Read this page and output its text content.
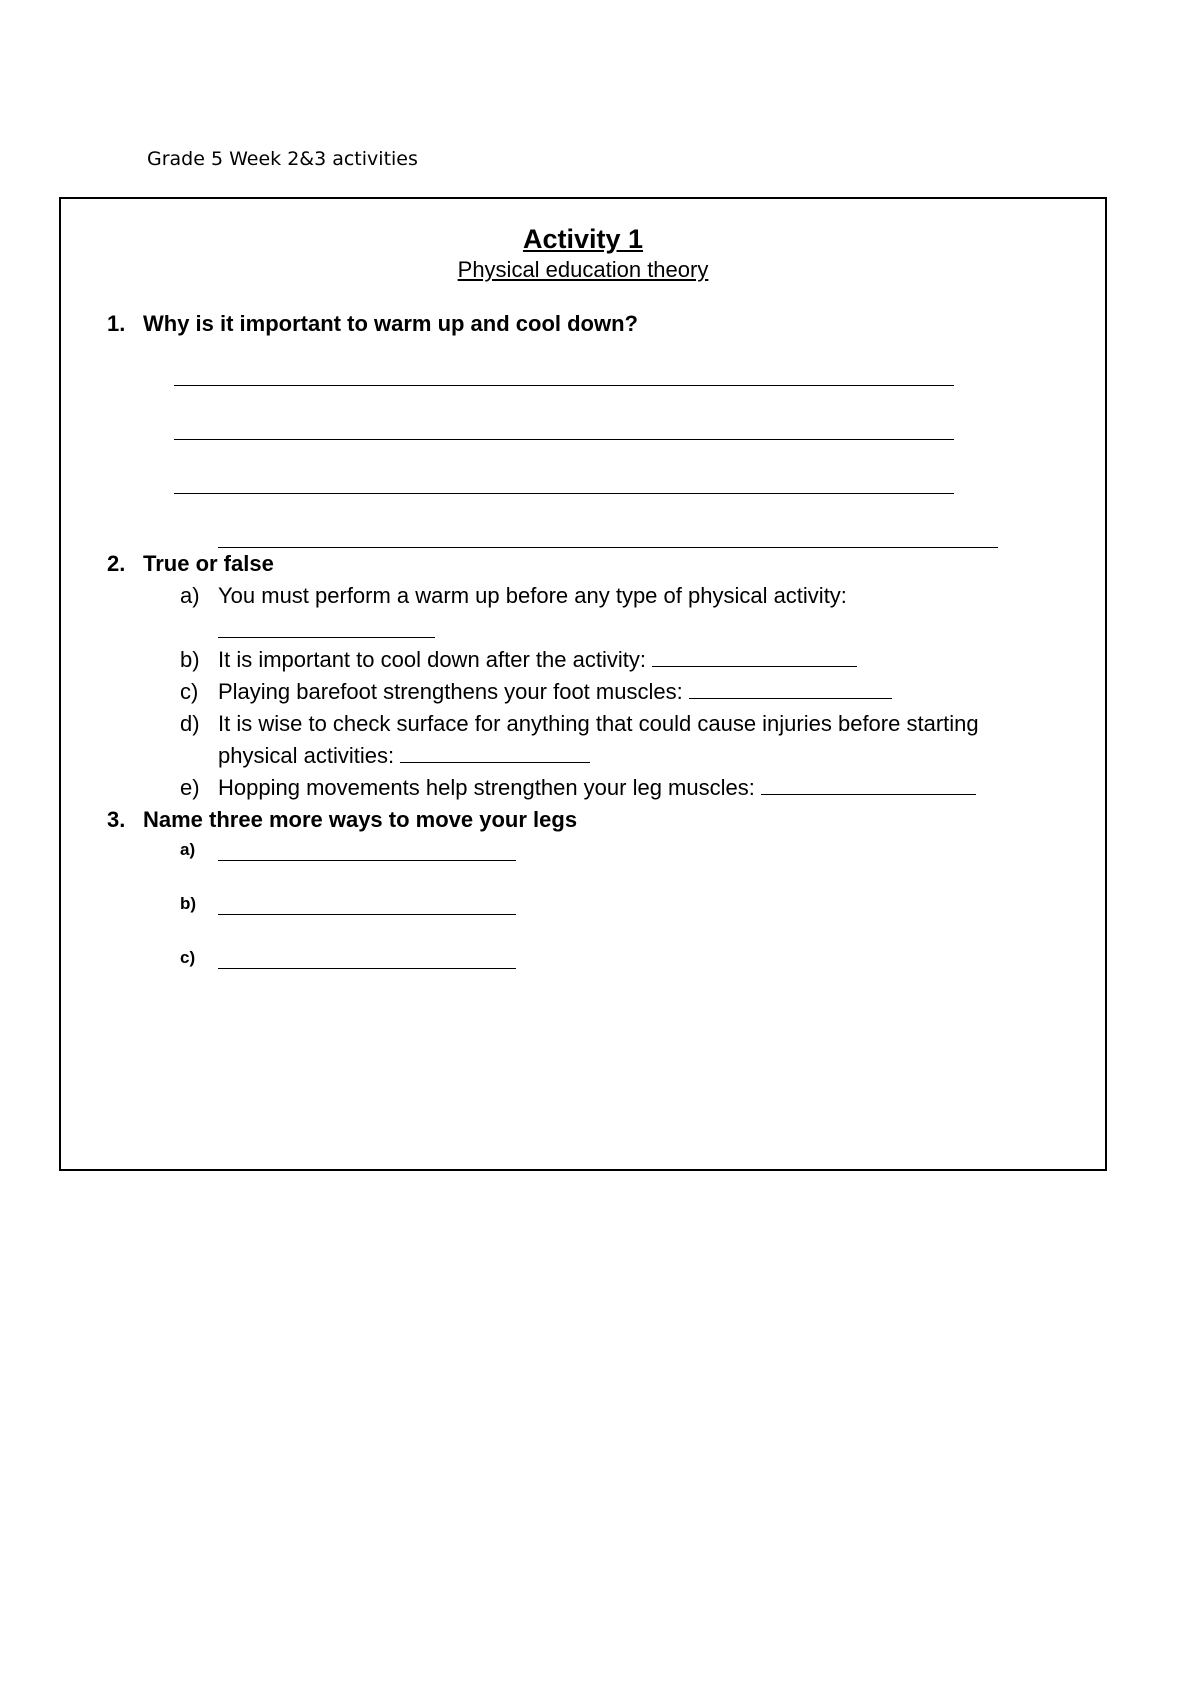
Grade 5 Week 2&3 activities
Activity 1
Physical education theory
1. Why is it important to warm up and cool down?
2. True or false
a) You must perform a warm up before any type of physical activity:
b) It is important to cool down after the activity:
c) Playing barefoot strengthens your foot muscles:
d) It is wise to check surface for anything that could cause injuries before starting
physical activities:
e) Hopping movements help strengthen your leg muscles:
3. Name three more ways to move your legs
a)
b)
c)
